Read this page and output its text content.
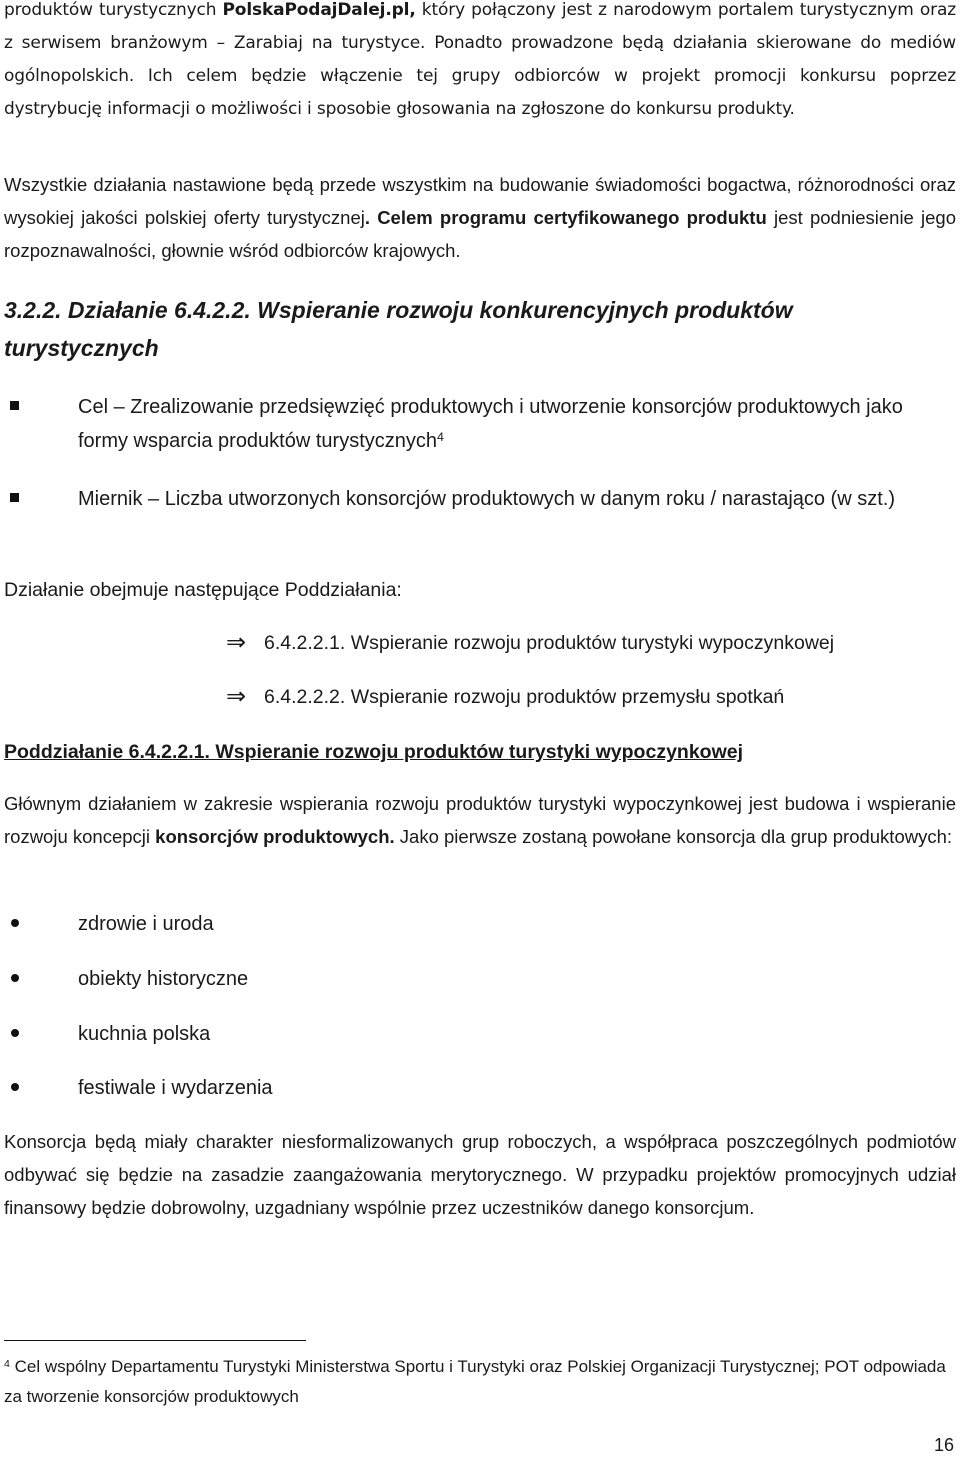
produktów turystycznych PolskaPodajDalej.pl, który połączony jest z narodowym portalem turystycznym oraz z serwisem branżowym – Zarabiaj na turystyce. Ponadto prowadzone będą działania skierowane do mediów ogólnopolskich. Ich celem będzie włączenie tej grupy odbiorców w projekt promocji konkursu poprzez dystrybucję informacji o możliwości i sposobie głosowania na zgłoszone do konkursu produkty.

Wszystkie działania nastawione będą przede wszystkim na budowanie świadomości bogactwa, różnorodności oraz wysokiej jakości polskiej oferty turystycznej. Celem programu certyfikowanego produktu jest podniesienie jego rozpoznawalności, głownie wśród odbiorców krajowych.

3.2.2. Działanie 6.4.2.2. Wspieranie rozwoju konkurencyjnych produktów turystycznych
Cel – Zrealizowanie przedsięwzięć produktowych i utworzenie konsorcjów produktowych jako formy wsparcia produktów turystycznych$^4$
Miernik – Liczba utworzonych konsorcjów produktowych w danym roku / narastająco (w szt.)

Działanie obejmuje następujące Poddziałania:

⇒ 6.4.2.2.1. Wspieranie rozwoju produktów turystyki wypoczynkowej
⇒ 6.4.2.2.2. Wspieranie rozwoju produktów przemysłu spotkań
Poddziałanie 6.4.2.2.1. Wspieranie rozwoju produktów turystyki wypoczynkowej

Głównym działaniem w zakresie wspierania rozwoju produktów turystyki wypoczynkowej jest budowa i wspieranie rozwoju koncepcji konsorcjów produktowych. Jako pierwsze zostaną powołane konsorcja dla grup produktowych:

zdrowie i uroda
obiekty historyczne
kuchnia polska
festiwale i wydarzenia

Konsorcja będą miały charakter niesformalizowanych grup roboczych, a współpraca poszczególnych podmiotów odbywać się będzie na zasadzie zaangażowania merytorycznego. W przypadku projektów promocyjnych udział finansowy będzie dobrowolny, uzgadniany wspólnie przez uczestników danego konsorcjum.

$^4$ Cel wspólny Departamentu Turystyki Ministerstwa Sportu i Turystyki oraz Polskiej Organizacji Turystycznej; POT odpowiada za tworzenie konsorcjów produktowych

16
